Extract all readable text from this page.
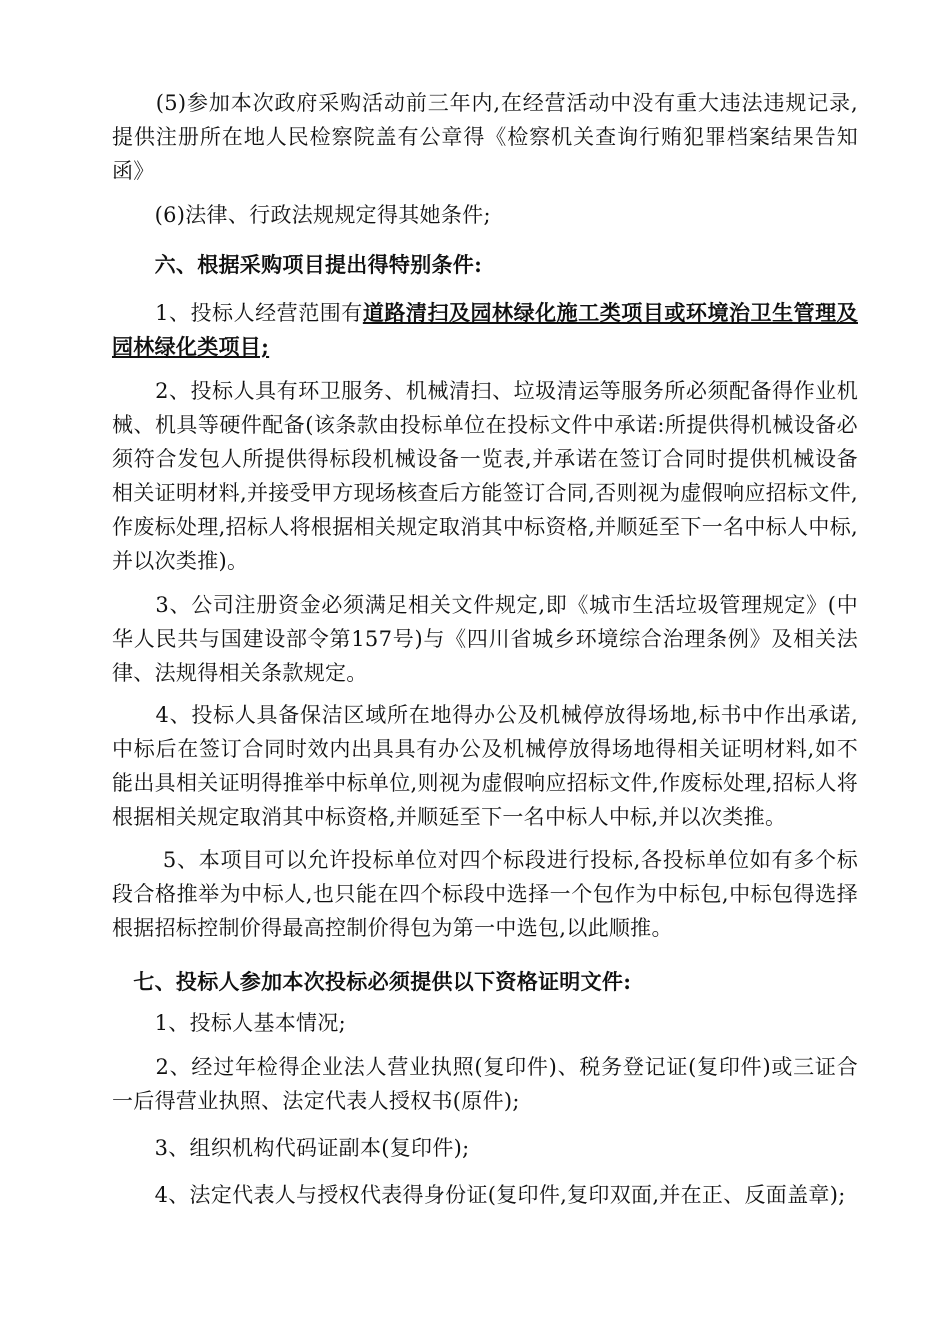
　　(5)参加本次政府采购活动前三年内,在经营活动中没有重大违法违规记录,提供注册所在地人民检察院盖有公章得《检察机关查询行贿犯罪档案结果告知函》

　　(6)法律、行政法规规定得其她条件;

　　六、根据采购项目提出得特别条件:

　　1、投标人经营范围有道路清扫及园林绿化施工类项目或环境治卫生管理及园林绿化类项目;

　　2、投标人具有环卫服务、机械清扫、垃圾清运等服务所必须配备得作业机械、机具等硬件配备(该条款由投标单位在投标文件中承诺:所提供得机械设备必须符合发包人所提供得标段机械设备一览表,并承诺在签订合同时提供机械设备相关证明材料,并接受甲方现场核查后方能签订合同,否则视为虚假响应招标文件,作废标处理,招标人将根据相关规定取消其中标资格,并顺延至下一名中标人中标,并以次类推)。

　　3、公司注册资金必须满足相关文件规定,即《城市生活垃圾管理规定》(中华人民共与国建设部令第157号)与《四川省城乡环境综合治理条例》及相关法律、法规得相关条款规定。

　　4、投标人具备保洁区域所在地得办公及机械停放得场地,标书中作出承诺,中标后在签订合同时效内出具具有办公及机械停放得场地得相关证明材料,如不能出具相关证明得推举中标单位,则视为虚假响应招标文件,作废标处理,招标人将根据相关规定取消其中标资格,并顺延至下一名中标人中标,并以次类推。

　　 5、本项目可以允许投标单位对四个标段进行投标,各投标单位如有多个标段合格推举为中标人,也只能在四个标段中选择一个包作为中标包,中标包得选择根据招标控制价得最高控制价得包为第一中选包,以此顺推。

　七、投标人参加本次投标必须提供以下资格证明文件:

　　1、投标人基本情况;

　　2、经过年检得企业法人营业执照(复印件)、税务登记证(复印件)或三证合一后得营业执照、法定代表人授权书(原件);

　　3、组织机构代码证副本(复印件);

　　4、法定代表人与授权代表得身份证(复印件,复印双面,并在正、反面盖章);
